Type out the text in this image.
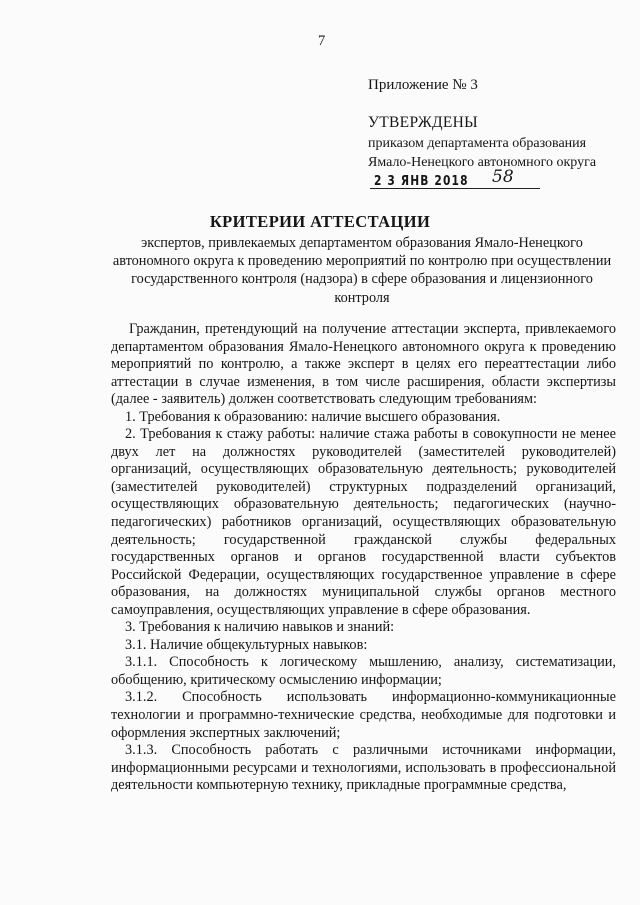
7
Приложение № 3
УТВЕРЖДЕНЫ
приказом департамента образования
Ямало-Ненецкого автономного округа
2 3 ЯНВ 2018 58
КРИТЕРИИ АТТЕСТАЦИИ
экспертов, привлекаемых департаментом образования Ямало-Ненецкого автономного округа к проведению мероприятий по контролю при осуществлении государственного контроля (надзора) в сфере образования и лицензионного контроля

Гражданин, претендующий на получение аттестации эксперта, привлекаемого департаментом образования Ямало-Ненецкого автономного округа к проведению мероприятий по контролю, а также эксперт в целях его переаттестации либо аттестации в случае изменения, в том числе расширения, области экспертизы (далее - заявитель) должен соответствовать следующим требованиям:

1. Требования к образованию: наличие высшего образования.

2. Требования к стажу работы: наличие стажа работы в совокупности не менее двух лет на должностях руководителей (заместителей руководителей) организаций, осуществляющих образовательную деятельность; руководителей (заместителей руководителей) структурных подразделений организаций, осуществляющих образовательную деятельность; педагогических (научно-педагогических) работников организаций, осуществляющих образовательную деятельность; государственной гражданской службы федеральных государственных органов и органов государственной власти субъектов Российской Федерации, осуществляющих государственное управление в сфере образования, на должностях муниципальной службы органов местного самоуправления, осуществляющих управление в сфере образования.

3. Требования к наличию навыков и знаний:

3.1. Наличие общекультурных навыков:

3.1.1. Способность к логическому мышлению, анализу, систематизации, обобщению, критическому осмыслению информации;

3.1.2. Способность использовать информационно-коммуникационные технологии и программно-технические средства, необходимые для подготовки и оформления экспертных заключений;

3.1.3. Способность работать с различными источниками информации, информационными ресурсами и технологиями, использовать в профессиональной деятельности компьютерную технику, прикладные программные средства,
